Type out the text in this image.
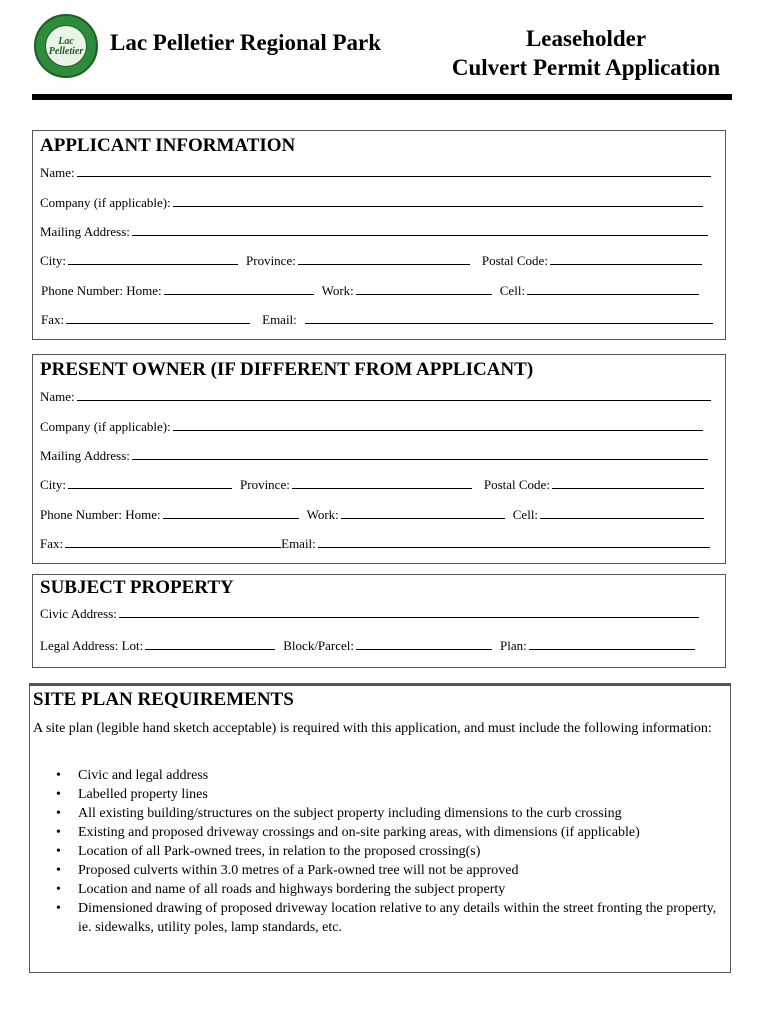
Lac Pelletier Lac Pelletier Regional Park	Leaseholder
Culvert Permit Application
APPLICANT INFORMATION
Name:
Company (if applicable):
Mailing Address:
City:	Province:	Postal Code:
Phone Number: Home:	Work:	Cell:
Fax:	Email:
PRESENT OWNER (IF DIFFERENT FROM APPLICANT)
Name:
Company (if applicable):
Mailing Address:
City:	Province:	Postal Code:
Phone Number: Home:	Work:	Cell:
Fax:	Email:
SUBJECT PROPERTY
Civic Address:
Legal Address: Lot:	Block/Parcel:	Plan:
SITE PLAN REQUIREMENTS
A site plan (legible hand sketch acceptable) is required with this application, and must include the following information:
• Civic and legal address
• Labelled property lines
• All existing building/structures on the subject property including dimensions to the curb crossing
• Existing and proposed driveway crossings and on-site parking areas, with dimensions (if applicable)
• Location of all Park-owned trees, in relation to the proposed crossing(s)
• Proposed culverts within 3.0 metres of a Park-owned tree will not be approved
• Location and name of all roads and highways bordering the subject property
• Dimensioned drawing of proposed driveway location relative to any details within the street fronting the property, ie. sidewalks, utility poles, lamp standards, etc.
